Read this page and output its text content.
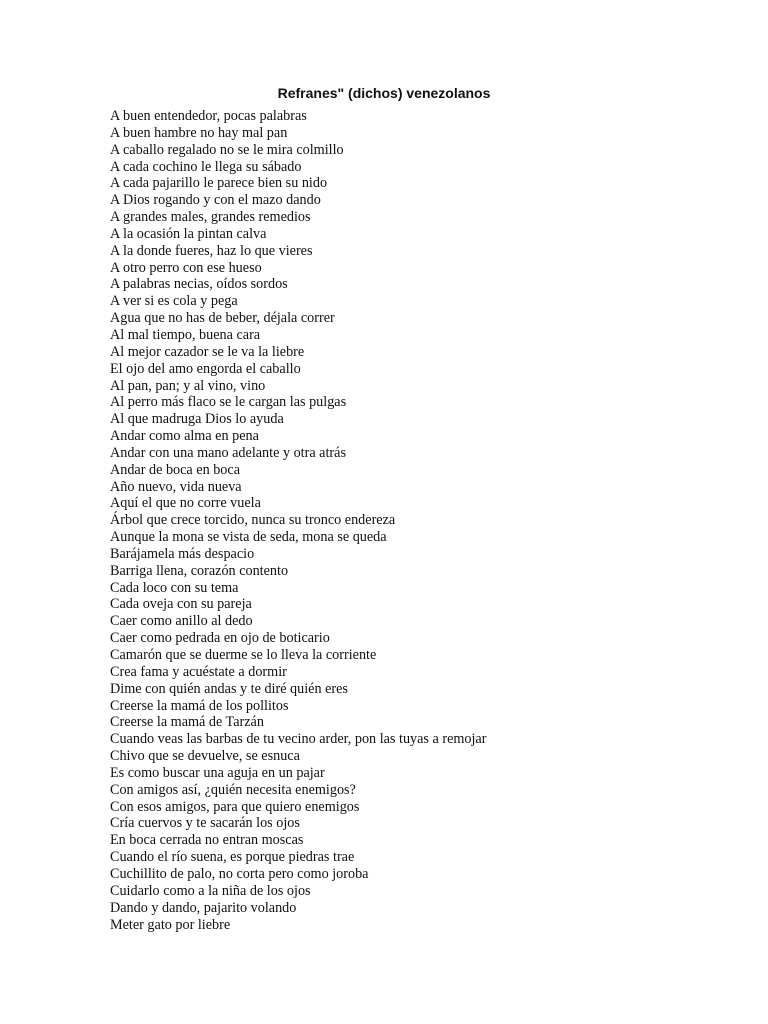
Refranes" (dichos) venezolanos
A buen entendedor, pocas palabras
A buen hambre no hay mal pan
A caballo regalado no se le mira colmillo
A cada cochino le llega su sábado
A cada pajarillo le parece bien su nido
A Dios rogando y con el mazo dando
A grandes males, grandes remedios
A la ocasión la pintan calva
A la donde fueres, haz lo que vieres
A otro perro con ese hueso
A palabras necias, oídos sordos
A ver si es cola y pega
Agua que no has de beber, déjala correr
Al mal tiempo, buena cara
Al mejor cazador se le va la liebre
El ojo del amo engorda el caballo
Al pan, pan; y al vino, vino
Al perro más flaco se le cargan las pulgas
Al que madruga Dios lo ayuda
Andar como alma en pena
Andar con una mano adelante y otra atrás
Andar de boca en boca
Año nuevo, vida nueva
Aquí el que no corre vuela
Árbol que crece torcido, nunca su tronco endereza
Aunque la mona se vista de seda, mona se queda
Barájamela más despacio
Barriga llena, corazón contento
Cada loco con su tema
Cada oveja con su pareja
Caer como anillo al dedo
Caer como pedrada en ojo de boticario
Camarón que se duerme se lo lleva la corriente
Crea fama y acuéstate a dormir
Dime con quién andas y te diré quién eres
Creerse la mamá de los pollitos
Creerse la mamá de Tarzán
Cuando veas las barbas de tu vecino arder, pon las tuyas a remojar
Chivo que se devuelve, se esnuca
Es como buscar una aguja en un pajar
Con amigos así, ¿quién necesita enemigos?
Con esos amigos, para que quiero enemigos
Cría cuervos y te sacarán los ojos
En boca cerrada no entran moscas
Cuando el río suena, es porque piedras trae
Cuchillito de palo, no corta pero como joroba
Cuidarlo como a la niña de los ojos
Dando y dando, pajarito volando
Meter gato por liebre
